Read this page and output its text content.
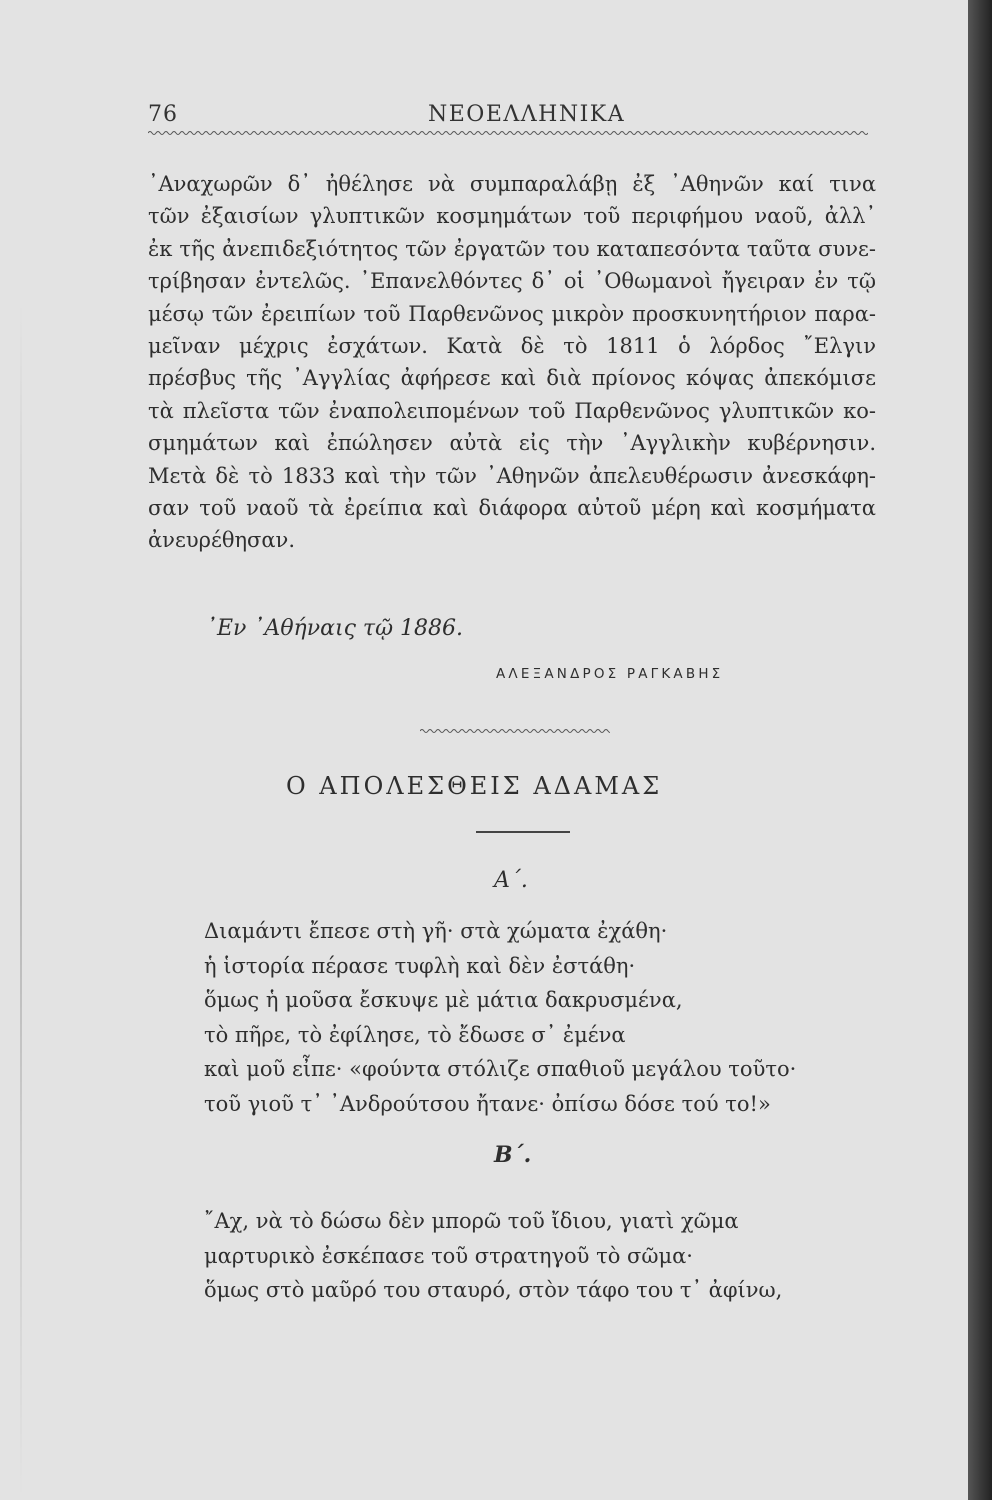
76	ΝΕΟΕΛΛΗΝΙΚΑ
᾿Αναχωρῶν δ᾿ ἠθέλησε νὰ συμπαραλάβῃ ἐξ ᾿Αθηνῶν καί τινα
τῶν ἐξαισίων γλυπτικῶν κοσμημάτων τοῦ περιφήμου ναοῦ, ἀλλ᾿
ἐκ τῆς ἀνεπιδεξιότητος τῶν ἐργατῶν του καταπεσόντα ταῦτα συνε-
τρίβησαν ἐντελῶς. ᾿Επανελθόντες δ᾿ οἱ ᾿Οθωμανοὶ ἤγειραν ἐν τῷ
μέσῳ τῶν ἐρειπίων τοῦ Παρθενῶνος μικρὸν προσκυνητήριον παρα-
μεῖναν μέχρις ἐσχάτων. Κατὰ δὲ τὸ 1811 ὁ λόρδος ῎Ελγιν
πρέσβυς τῆς ᾿Αγγλίας ἀφήρεσε καὶ διὰ πρίονος κόψας ἀπεκόμισε
τὰ πλεῖστα τῶν ἐναπολειπομένων τοῦ Παρθενῶνος γλυπτικῶν κο-
σμημάτων καὶ ἐπώλησεν αὐτὰ εἰς τὴν ᾿Αγγλικὴν κυβέρνησιν.
Μετὰ δὲ τὸ 1833 καὶ τὴν τῶν ᾿Αθηνῶν ἀπελευθέρωσιν ἀνεσκάφη-
σαν τοῦ ναοῦ τὰ ἐρείπια καὶ διάφορα αὐτοῦ μέρη καὶ κοσμήματα
ἀνευρέθησαν.
᾿Εν ᾿Αθήναις τῷ 1886.
ΑΛΕΞΑΝΔΡΟΣ ΡΑΓΚΑΒΗΣ
Ο ΑΠΟΛΕΣΘΕΙΣ ΑΔΑΜΑΣ
Α΄.
Διαμάντι ἔπεσε στὴ γῆ· στὰ χώματα ἐχάθη·
ἡ ἱστορία πέρασε τυφλὴ καὶ δὲν ἐστάθη·
ὅμως ἡ μοῦσα ἔσκυψε μὲ μάτια δακρυσμένα,
τὸ πῆρε, τὸ ἐφίλησε, τὸ ἔδωσε σ᾿ ἐμένα
καὶ μοῦ εἶπε· «φούντα στόλιζε σπαθιοῦ μεγάλου τοῦτο·
τοῦ γιοῦ τ᾿ ᾿Ανδρούτσου ἤτανε· ὀπίσω δόσε τού το!»
Β΄.
῎Αχ, νὰ τὸ δώσω δὲν μπορῶ τοῦ ἴδιου, γιατὶ χῶμα
μαρτυρικὸ ἐσκέπασε τοῦ στρατηγοῦ τὸ σῶμα·
ὅμως στὸ μαῦρό του σταυρό, στὸν τάφο του τ᾿ ἀφίνω,
